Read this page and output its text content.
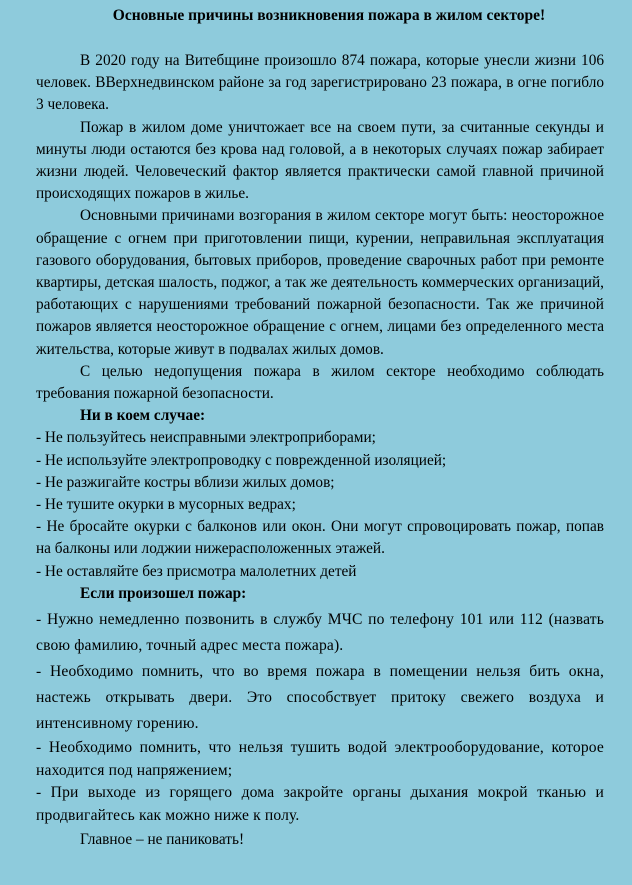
Основные причины возникновения пожара в жилом секторе!

В 2020 году на Витебщине произошло 874 пожара, которые унесли жизни 106 человек. ВВерхнедвинском районе за год зарегистрировано 23 пожара, в огне погибло 3 человека.

Пожар в жилом доме уничтожает все на своем пути, за считанные секунды и минуты люди остаются без крова над головой, а в некоторых случаях пожар забирает жизни людей. Человеческий фактор является практически самой главной причиной происходящих пожаров в жилье.

Основными причинами возгорания в жилом секторе могут быть: неосторожное обращение с огнем при приготовлении пищи, курении, неправильная эксплуатация газового оборудования, бытовых приборов, проведение сварочных работ при ремонте квартиры, детская шалость, поджог, а так же деятельность коммерческих организаций, работающих с нарушениями требований пожарной безопасности. Так же причиной пожаров является неосторожное обращение с огнем, лицами без определенного места жительства, которые живут в подвалах жилых домов.

С целью недопущения пожара в жилом секторе необходимо соблюдать требования пожарной безопасности.

Ни в коем случае:

- Не пользуйтесь неисправными электроприборами;

- Не используйте электропроводку с поврежденной изоляцией;

- Не разжигайте костры вблизи жилых домов;

- Не тушите окурки в мусорных ведрах;

- Не бросайте окурки с балконов или окон. Они могут спровоцировать пожар, попав на балконы или лоджии нижерасположенных этажей.

- Не оставляйте без присмотра малолетних детей

Если произошел пожар:

- Нужно немедленно позвонить в службу МЧС по телефону 101 или 112 (назвать свою фамилию, точный адрес места пожара).

- Необходимо помнить, что во время пожара в помещении нельзя бить окна, настежь открывать двери. Это способствует притоку свежего воздуха и интенсивному горению.

- Необходимо помнить, что нельзя тушить водой электрооборудование, которое находится под напряжением;

- При выходе из горящего дома закройте органы дыхания мокрой тканью и продвигайтесь как можно ниже к полу.

Главное – не паниковать!
